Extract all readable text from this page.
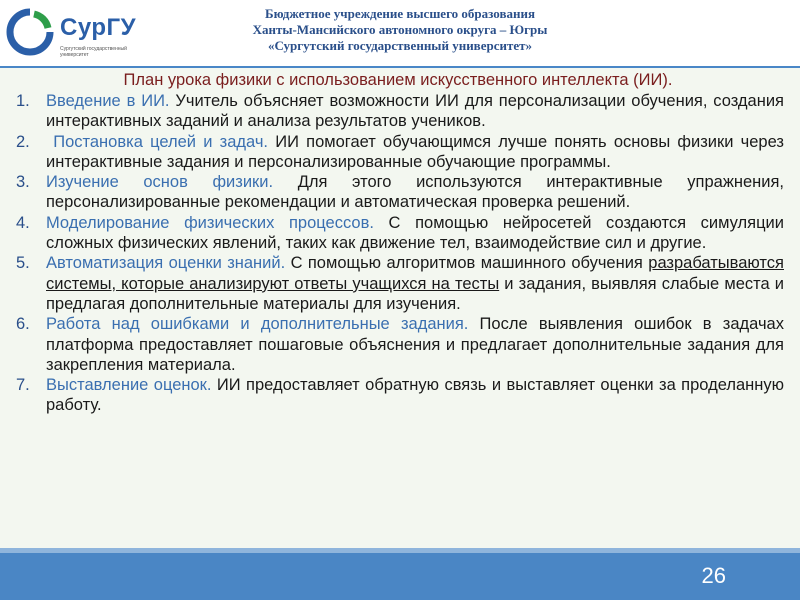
СурГУ
Сургутский государственный университет
Бюджетное учреждение высшего образования
Ханты-Мансийского автономного округа – Югры
«Сургутский государственный университет»
План урока физики с использованием искусственного интеллекта (ИИ).
1. Введение в ИИ. Учитель объясняет возможности ИИ для персонализации обучения, создания интерактивных заданий и анализа результатов учеников.
2. Постановка целей и задач. ИИ помогает обучающимся лучше понять основы физики через интерактивные задания и персонализированные обучающие программы.
3. Изучение основ физики. Для этого используются интерактивные упражнения, персонализированные рекомендации и автоматическая проверка решений.
4. Моделирование физических процессов. С помощью нейросетей создаются симуляции сложных физических явлений, таких как движение тел, взаимодействие сил и другие.
5. Автоматизация оценки знаний. С помощью алгоритмов машинного обучения разрабатываются системы, которые анализируют ответы учащихся на тесты и задания, выявляя слабые места и предлагая дополнительные материалы для изучения.
6. Работа над ошибками и дополнительные задания. После выявления ошибок в задачах платформа предоставляет пошаговые объяснения и предлагает дополнительные задания для закрепления материала.
7. Выставление оценок. ИИ предоставляет обратную связь и выставляет оценки за проделанную работу.
26
